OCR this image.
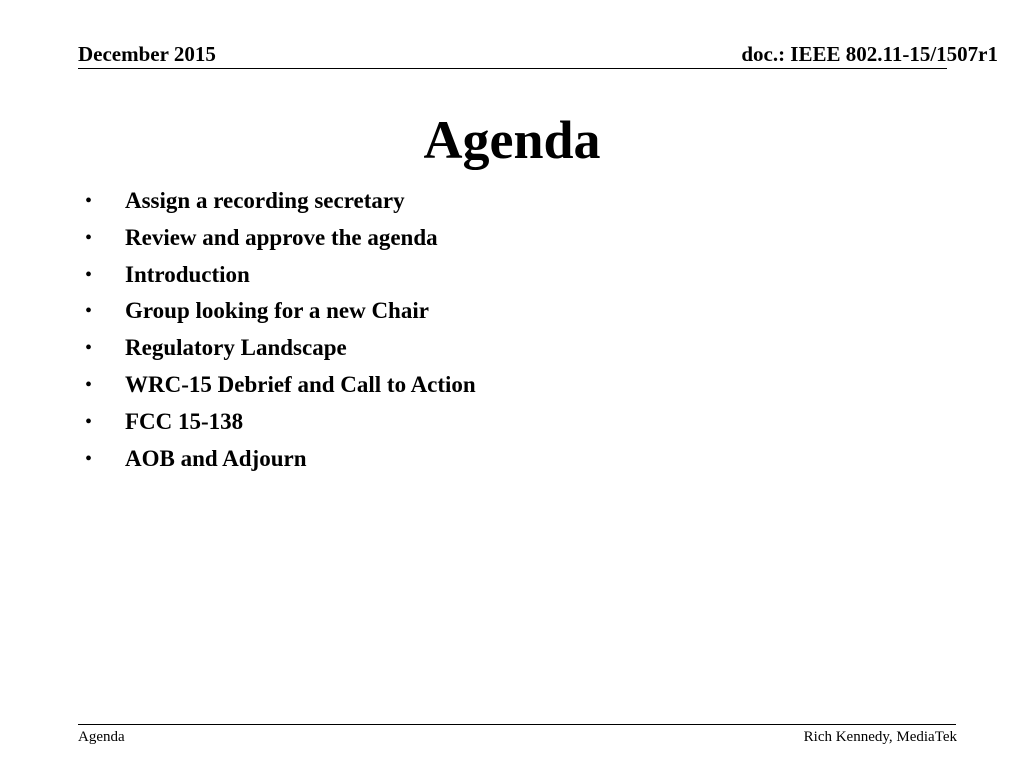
December 2015	doc.: IEEE 802.11-15/1507r1
Agenda
• Assign a recording secretary
• Review and approve the agenda
• Introduction
• Group looking for a new Chair
• Regulatory Landscape
• WRC-15 Debrief and Call to Action
• FCC 15-138
• AOB and Adjourn
Agenda	Rich Kennedy, MediaTek
